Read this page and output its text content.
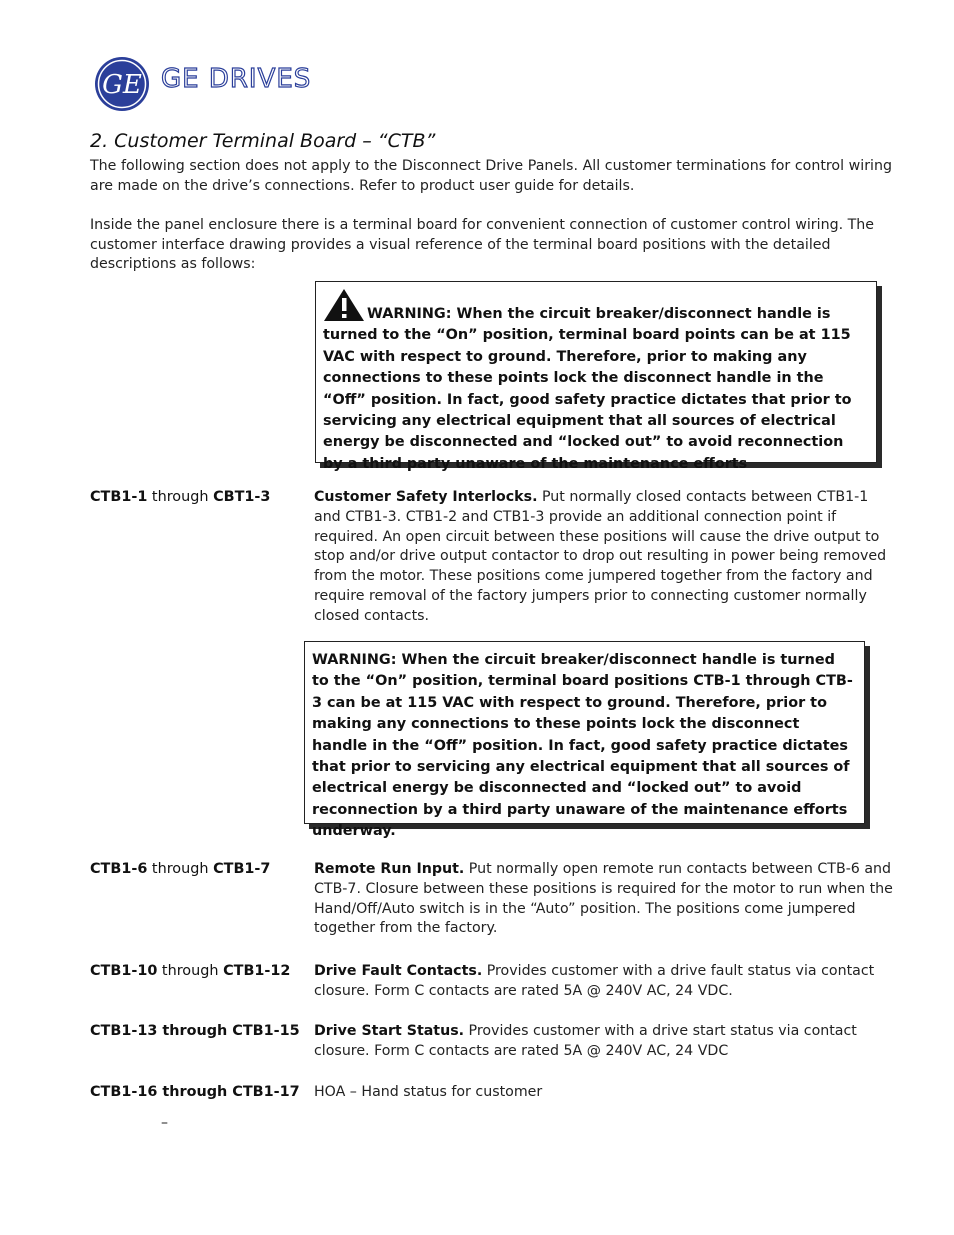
GE GE DRIVES
2. Customer Terminal Board – “CTB”

The following section does not apply to the Disconnect Drive Panels. All customer terminations for control wiring are made on the drive’s connections. Refer to product user guide for details.

Inside the panel enclosure there is a terminal board for convenient connection of customer control wiring. The customer interface drawing provides a visual reference of the terminal board positions with the detailed descriptions as follows:

WARNING: When the circuit breaker/disconnect handle is turned to the “On” position, terminal board points can be at 115 VAC with respect to ground. Therefore, prior to making any connections to these points lock the disconnect handle in the “Off” position. In fact, good safety practice dictates that prior to servicing any electrical equipment that all sources of electrical energy be disconnected and “locked out” to avoid reconnection by a third party unaware of the maintenance efforts
CTB1-1 through CBT1-3	Customer Safety Interlocks. Put normally closed contacts between CTB1-1 and CTB1-3. CTB1-2 and CTB1-3 provide an additional connection point if required. An open circuit between these positions will cause the drive output to stop and/or drive output contactor to drop out resulting in power being removed from the motor. These positions come jumpered together from the factory and require removal of the factory jumpers prior to connecting customer normally closed contacts.
WARNING: When the circuit breaker/disconnect handle is turned to the “On” position, terminal board positions CTB-1 through CTB-3 can be at 115 VAC with respect to ground. Therefore, prior to making any connections to these points lock the disconnect handle in the “Off” position. In fact, good safety practice dictates that prior to servicing any electrical equipment that all sources of electrical energy be disconnected and “locked out” to avoid reconnection by a third party unaware of the maintenance efforts underway.
CTB1-6 through CTB1-7	Remote Run Input. Put normally open remote run contacts between CTB-6 and CTB-7. Closure between these positions is required for the motor to run when the Hand/Off/Auto switch is in the “Auto” position. The positions come jumpered together from the factory.
CTB1-10 through CTB1-12 Drive Fault Contacts. Provides customer with a drive fault status via contact closure. Form C contacts are rated 5A @ 240V AC, 24 VDC.
CTB1-13 through CTB1-15 Drive Start Status. Provides customer with a drive start status via contact closure. Form C contacts are rated 5A @ 240V AC, 24 VDC
CTB1-16 through CTB1-17 HOA – Hand status for customer
–
